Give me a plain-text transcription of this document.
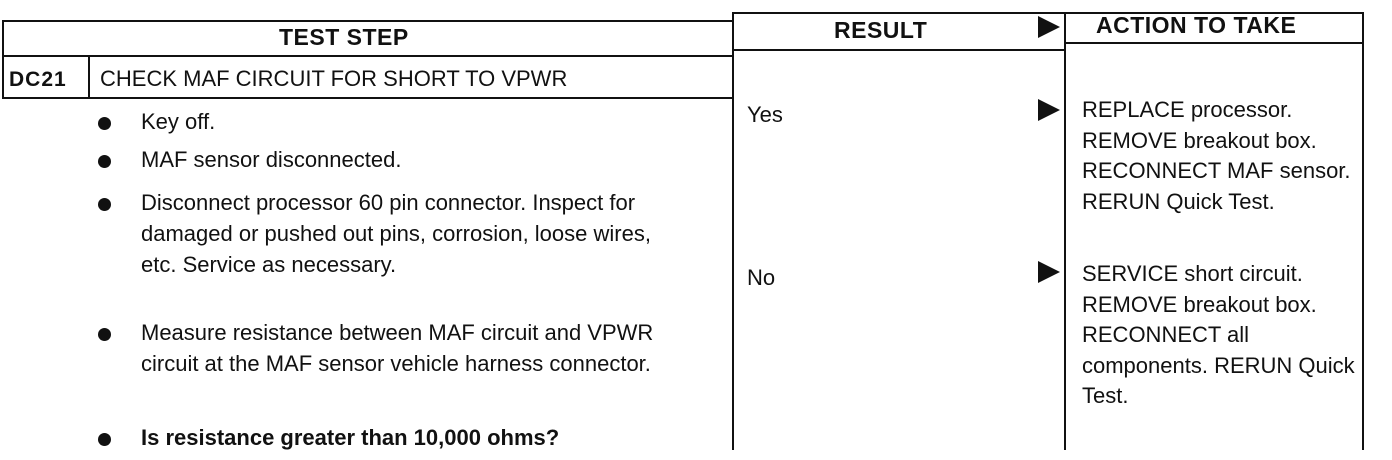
TEST STEP	RESULT	ACTION TO TAKE
DC21 CHECK MAF CIRCUIT FOR SHORT TO VPWR
Key off.
MAF sensor disconnected.
Disconnect processor 60 pin connector. Inspect for damaged or pushed out pins, corrosion, loose wires, etc. Service as necessary.
Measure resistance between MAF circuit and VPWR circuit at the MAF sensor vehicle harness connector.
Is resistance greater than 10,000 ohms?
Yes	REPLACE processor. REMOVE breakout box. RECONNECT MAF sensor. RERUN Quick Test.
No	SERVICE short circuit. REMOVE breakout box. RECONNECT all components. RERUN Quick Test.
